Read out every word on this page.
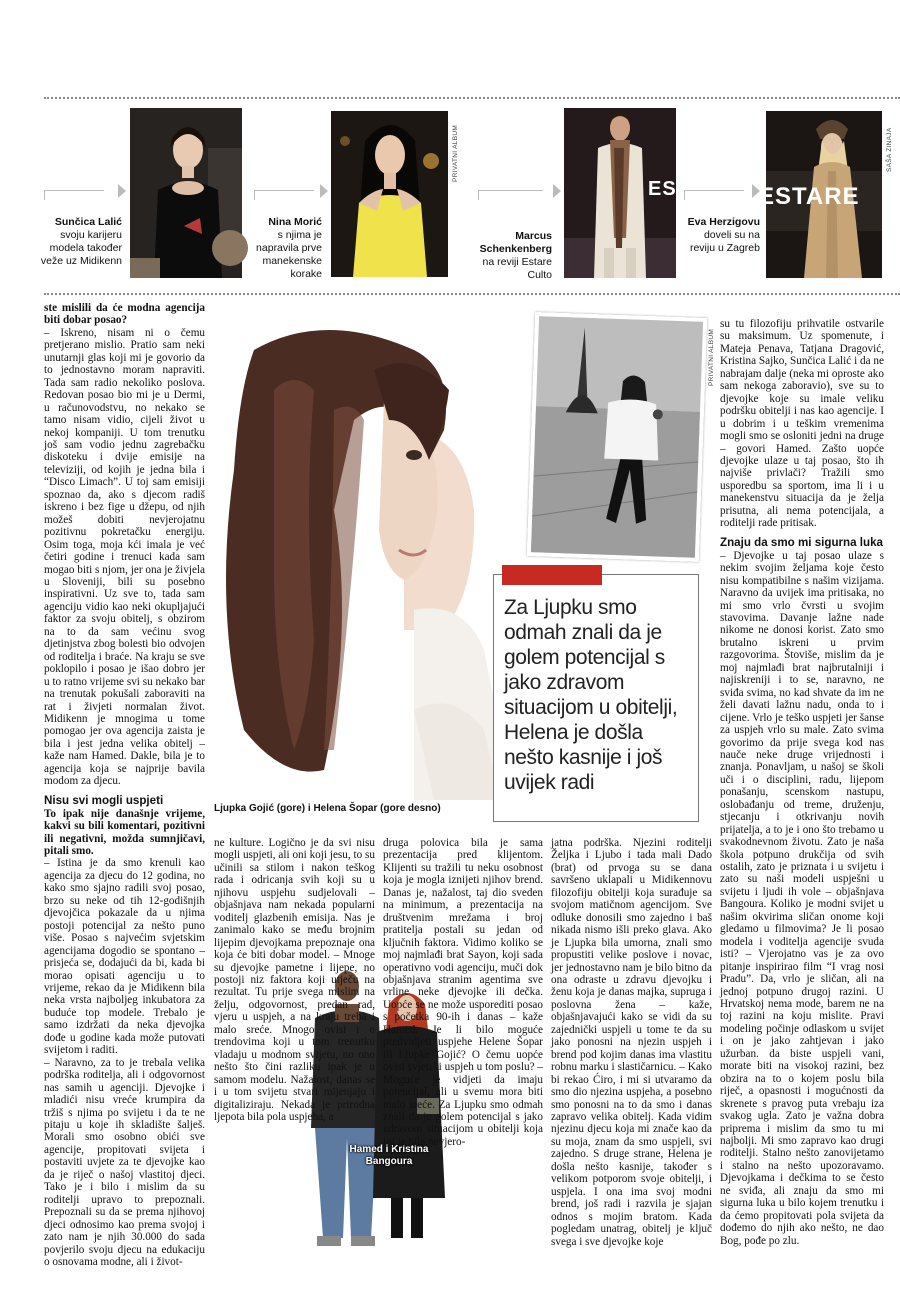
Sunčica Lalić
svoju karijeru modela također veže uz Midikenn
Nina Morić
s njima je napravila prve manekenske korake
PRIVATNI ALBUM
Marcus Schenkenberg
na reviji Estare Culto
ESTARE
Eva Herzigovu
doveli su na reviju u Zagreb
ESTARE
SAŠA ZINAJA
PRIVATNI ALBUM
Ljupka Gojić (gore) i Helena Šopar (gore desno)

Za Ljupku smo odmah znali da je golem potencijal s jako zdravom situacijom u obitelji, Helena je došla nešto kasnije i još uvijek radi

Hamed i Kristina Bangoura

ste mislili da će modna agencija biti dobar posao?

– Iskreno, nisam ni o čemu pretjerano mislio. Pratio sam neki unutarnji glas koji mi je govorio da to jednostavno moram napraviti. Tada sam radio nekoliko poslova. Redovan posao bio mi je u Dermi, u računovodstvu, no nekako se tamo nisam vidio, cijeli život u nekoj kompaniji. U tom trenutku još sam vodio jednu zagrebačku diskoteku i dvije emisije na televiziji, od kojih je jedna bila i “Disco Limach”. U toj sam emisiji spoznao da, ako s djecom radiš iskreno i bez fige u džepu, od njih možeš dobiti nevjerojatnu pozitivnu pokretačku energiju. Osim toga, moja kći imala je već četiri godine i trenuci kada sam mogao biti s njom, jer ona je živjela u Sloveniji, bili su posebno inspirativni. Uz sve to, tada sam agenciju vidio kao neki okupljajući faktor za svoju obitelj, s obzirom na to da sam većinu svog djetinjstva zbog bolesti bio odvojen od roditelja i braće. Na kraju se sve poklopilo i posao je išao dobro jer u to ratno vrijeme svi su nekako bar na trenutak pokušali zaboraviti na rat i živjeti normalan život. Midikenn je mnogima u tome pomogao jer ova agencija zaista je bila i jest jedna velika obitelj – kaže nam Hamed. Dakle, bila je to agencija koja se najprije bavila modom za djecu.

Nisu svi mogli uspjeti

To ipak nije današnje vrijeme, kakvi su bili komentari, pozitivni ili negativni, možda sumnjičavi, pitali smo.

– Istina je da smo krenuli kao agencija za djecu do 12 godina, no kako smo sjajno radili svoj posao, brzo su neke od tih 12-godišnjih djevojčica pokazale da u njima postoji potencijal za nešto puno više. Posao s najvećim svjetskim agencijama dogodio se spontano – prisjeća se, dodajući da bi, kada bi morao opisati agenciju u to vrijeme, rekao da je Midikenn bila neka vrsta najboljeg inkubatora za buduće top modele. Trebalo je samo izdržati da neka djevojka dođe u godine kada može putovati svijetom i raditi.

– Naravno, za to je trebala velika podrška roditelja, ali i odgovornost nas samih u agenciji. Djevojke i mladići nisu vreće krumpira da tržiš s njima po svijetu i da te ne pitaju u koje ih skladište šalješ. Morali smo osobno obići sve agencije, propitovati svijeta i postaviti uvjete za te djevojke kao da je riječ o našoj vlastitoj djeci. Tako je i bilo i mislim da su roditelji upravo to prepoznali. Prepoznali su da se prema njihovoj djeci odnosimo kao prema svojoj i zato nam je njih 30.000 do sada povjerilo svoju djecu na edukaciju o osnovama modne, ali i život-

ne kulture. Logično je da svi nisu mogli uspjeti, ali oni koji jesu, to su učinili sa stilom i nakon teškog rada i odricanja svih koji su u njihovu uspjehu sudjelovali – objašnjava nam nekada popularni voditelj glazbenih emisija. Nas je zanimalo kako se među brojnim lijepim djevojkama prepoznaje ona koja će biti dobar model. – Mnoge su djevojke pametne i lijepe, no postoji niz faktora koji utječu na rezultat. Tu prije svega mislim na želju, odgovornost, predan rad, vjeru u uspjeh, a na kraju treba i malo sreće. Mnogo ovisi i o trendovima koji u tom trenutku vladaju u modnom svijetu, no ono nešto što čini razliku ipak je u samom modelu. Nažalost, danas se i u tom svijetu stvari mijenjaju i digitaliziraju. Nekada je prirodna ljepota bila pola uspjeha, a

druga polovica bila je sama prezentacija pred klijentom. Klijenti su tražili tu neku osobnost koja je mogla iznijeti njihov brend. Danas je, nažalost, taj dio sveden na minimum, a prezentacija na društvenim mrežama i broj pratitelja postali su jedan od ključnih faktora. Vidimo koliko se moj najmlađi brat Sayon, koji sada operativno vodi agenciju, muči dok objašnjava stranim agentima sve vrline neke djevojke ili dečka. Uopće se ne može usporediti posao s početka 90-ih i danas – kaže Hamed. Je li bilo moguće predvidjeti uspjehe Helene Šopar ili Ljupke Gojić? O čemu uopće ovisi svjetski uspjeh u tom poslu? – Moguće je vidjeti da imaju potencijal, ali u svemu mora biti malo sreće. Za Ljupku smo odmah znali da je golem potencijal s jako zdravom situacijom u obitelji koja joj je bila nevjero-

jatna podrška. Njezini roditelji Željka i Ljubo i tada mali Dado (brat) od prvoga su se dana savršeno uklapali u Midikennovu filozofiju obitelji koja surađuje sa svojom matičnom agencijom. Sve odluke donosili smo zajedno i baš nikada nismo išli preko glava. Ako je Ljupka bila umorna, znali smo propustiti velike poslove i novac, jer jednostavno nam je bilo bitno da ona odraste u zdravu djevojku i ženu koja je danas majka, supruga i poslovna žena – kaže, objašnjavajući kako se vidi da su zajednički uspjeli u tome te da su jako ponosni na njezin uspjeh i brend pod kojim danas ima vlastitu robnu marku i slastičarnicu. – Kako bi rekao Ćiro, i mi si utvaramo da smo dio njezina uspjeha, a posebno smo ponosni na to da smo i danas zapravo velika obitelj. Kada vidim njezinu djecu koja mi znače kao da su moja, znam da smo uspjeli, svi zajedno. S druge strane, Helena je došla nešto kasnije, također s velikom potporom svoje obitelji, i uspjela. I ona ima svoj modni brend, još radi i razvila je sjajan odnos s mojim bratom. Kada pogledam unatrag, obitelj je ključ svega i sve djevojke koje

su tu filozofiju prihvatile ostvarile su maksimum. Uz spomenute, i Mateja Penava, Tatjana Dragović, Kristina Sajko, Sunčica Lalić i da ne nabrajam dalje (neka mi oprostе ako sam nekoga zaboravio), sve su to djevojke koje su imale veliku podršku obitelji i nas kao agencije. I u dobrim i u teškim vremenima mogli smo se osloniti jedni na druge – govori Hamed. Zašto uopće djevojke ulaze u taj posao, što ih najviše privlači? Tražili smo usporedbu sa sportom, ima li i u manekenstvu situacija da je želja prisutna, ali nema potencijala, a roditelji rade pritisak.

Znaju da smo mi sigurna luka

– Djevojke u taj posao ulaze s nekim svojim željama koje često nisu kompatibilne s našim vizijama. Naravno da uvijek ima pritisaka, no mi smo vrlo čvrsti u svojim stavovima. Davanje lažne nade nikome ne donosi korist. Zato smo brutalno iskreni u prvim razgovorima. Štoviše, mislim da je moj najmlađi brat najbrutalniji i najiskreniji i to se, naravno, ne sviđa svima, no kad shvate da im ne želi davati lažnu nadu, onda to i cijene. Vrlo je teško uspjeti jer šanse za uspjeh vrlo su male. Zato svima govorimo da prije svega kod nas nauče neke druge vrijednosti i znanja. Ponavljam, u našoj se školi uči i o disciplini, radu, lijepom ponašanju, scenskom nastupu, oslobađanju od treme, druženju, stjecanju i otkrivanju novih prijatelja, a to je i ono što trebamo u svakodnevnom životu. Zato je naša škola potpuno drukčija od svih ostalih, zato je priznata i u svijetu i zato su naši modeli uspješni u svijetu i ljudi ih vole – objašnjava Bangoura. Koliko je modni svijet u našim okvirima sličan onome koji gledamo u filmovima? Je li posao modela i voditelja agencije svuda isti? – Vjerojatno vas je za ovo pitanje inspirirao film “I vrag nosi Pradu”. Da, vrlo je sličan, ali na jednoj potpuno drugoj razini. U Hrvatskoj nema mode, barem ne na toj razini na koju mislite. Pravi modeling počinje odlaskom u svijet i on je jako zahtjevan i jako užurban. da biste uspjeli vani, morate biti na visokoj razini, bez obzira na to o kojem poslu bila riječ, a opasnosti i mogućnosti da skrenete s pravog puta vrebaju iza svakog ugla. Zato je važna dobra priprema i mislim da smo tu mi najbolji. Mi smo zapravo kao drugi roditelji. Stalno nešto zanovijetamo i stalno na nešto upozoravamo. Djevojkama i dečkima to se često ne sviđa, ali znaju da smo mi sigurna luka u bilo kojem trenutku i da ćemo propitovati pola svijeta da dođemo do njih ako nešto, ne dao Bog, pođe po zlu.
